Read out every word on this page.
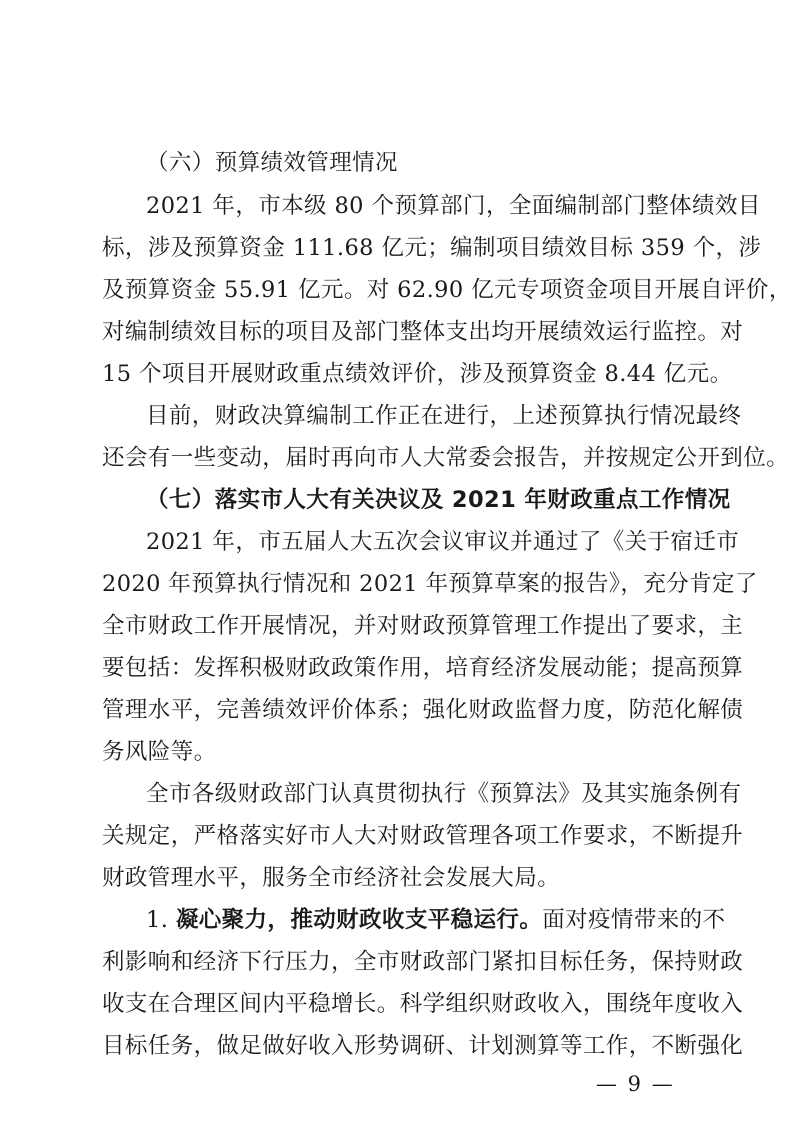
（六）预算绩效管理情况
2021 年，市本级 80 个预算部门，全面编制部门整体绩效目
标，涉及预算资金 111.68 亿元；编制项目绩效目标 359 个，涉
及预算资金 55.91 亿元。对 62.90 亿元专项资金项目开展自评价，
对编制绩效目标的项目及部门整体支出均开展绩效运行监控。对
15 个项目开展财政重点绩效评价，涉及预算资金 8.44 亿元。
目前，财政决算编制工作正在进行，上述预算执行情况最终
还会有一些变动，届时再向市人大常委会报告，并按规定公开到位。
（七）落实市人大有关决议及 2021 年财政重点工作情况
2021 年，市五届人大五次会议审议并通过了《关于宿迁市
2020 年预算执行情况和 2021 年预算草案的报告》，充分肯定了
全市财政工作开展情况，并对财政预算管理工作提出了要求，主
要包括：发挥积极财政政策作用，培育经济发展动能；提高预算
管理水平，完善绩效评价体系；强化财政监督力度，防范化解债
务风险等。
全市各级财政部门认真贯彻执行《预算法》及其实施条例有
关规定，严格落实好市人大对财政管理各项工作要求，不断提升
财政管理水平，服务全市经济社会发展大局。
1. 凝心聚力，推动财政收支平稳运行。面对疫情带来的不
利影响和经济下行压力，全市财政部门紧扣目标任务，保持财政
收支在合理区间内平稳增长。科学组织财政收入，围绕年度收入
目标任务，做足做好收入形势调研、计划测算等工作，不断强化
— 9 —
